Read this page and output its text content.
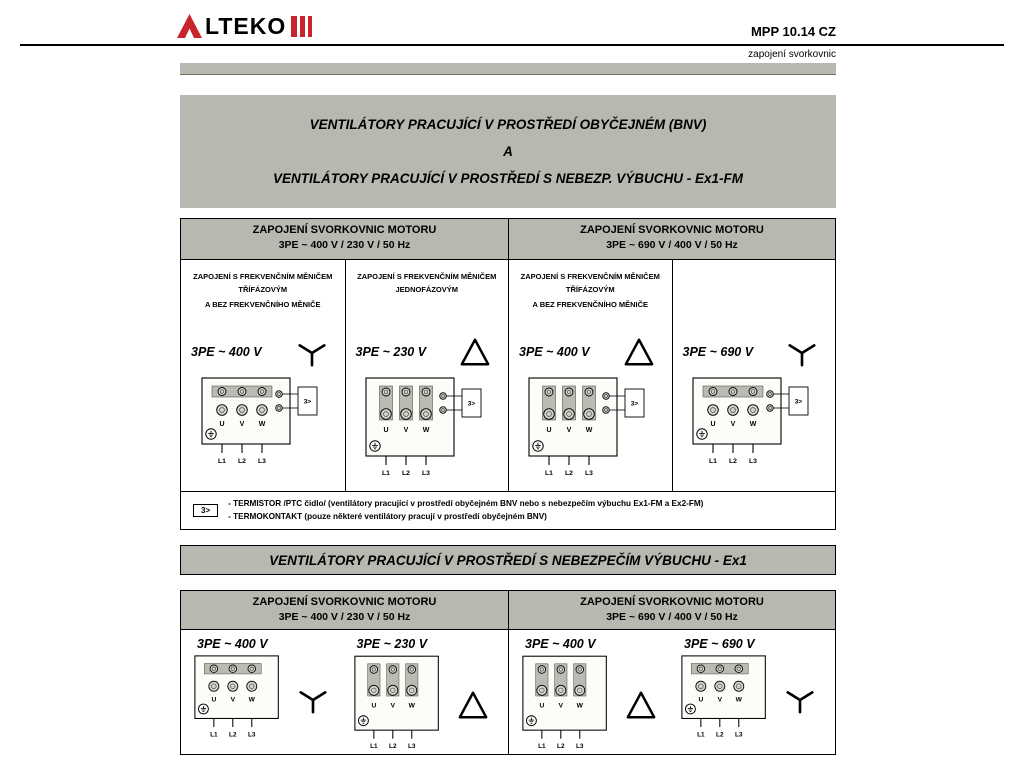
LTEKO	MPP 10.14 CZ
zapojení svorkovnic
VENTILÁTORY PRACUJÍCÍ V PROSTŘEDÍ OBYČEJNÉM (BNV)
A
VENTILÁTORY PRACUJÍCÍ V PROSTŘEDÍ S NEBEZP. VÝBUCHU - Ex1-FM
ZAPOJENÍ SVORKOVNIC MOTORU
3PE ~ 400 V / 230 V / 50 Hz
ZAPOJENÍ SVORKOVNIC MOTORU
3PE ~ 690 V / 400 V / 50 Hz
ZAPOJENÍ S FREKVENČNÍM MĚNIČEM
TŘÍFÁZOVÝM
A BEZ FREKVENČNÍHO MĚNIČE
3PE ~ 400 V
U V W
3>
L1 L2 L3
ZAPOJENÍ S FREKVENČNÍM MĚNIČEM
JEDNOFÁZOVÝM
3PE ~ 230 V
U V W
3>
L1 L2 L3
ZAPOJENÍ S FREKVENČNÍM MĚNIČEM
TŘÍFÁZOVÝM
A BEZ FREKVENČNÍHO MĚNIČE
3PE ~ 400 V
U V W
3>
L1 L2 L3
3PE ~ 690 V
U V W
3>
L1 L2 L3
3>
- TERMISTOR /PTC čidlo/ (ventilátory pracující v prostředí obyčejném BNV nebo s nebezpečím výbuchu Ex1-FM a Ex2-FM)
- TERMOKONTAKT (pouze některé ventilátory pracují v prostředí obyčejném BNV)
VENTILÁTORY PRACUJÍCÍ V PROSTŘEDÍ S NEBEZPEČÍM VÝBUCHU - Ex1
ZAPOJENÍ SVORKOVNIC MOTORU
3PE ~ 400 V / 230 V / 50 Hz
ZAPOJENÍ SVORKOVNIC MOTORU
3PE ~ 690 V / 400 V / 50 Hz
3PE ~ 400 V
U V W
L1 L2 L3
3PE ~ 230 V
U V W
L1 L2 L3
3PE ~ 400 V
U V W
L1 L2 L3
3PE ~ 690 V
U V W
L1 L2 L3
